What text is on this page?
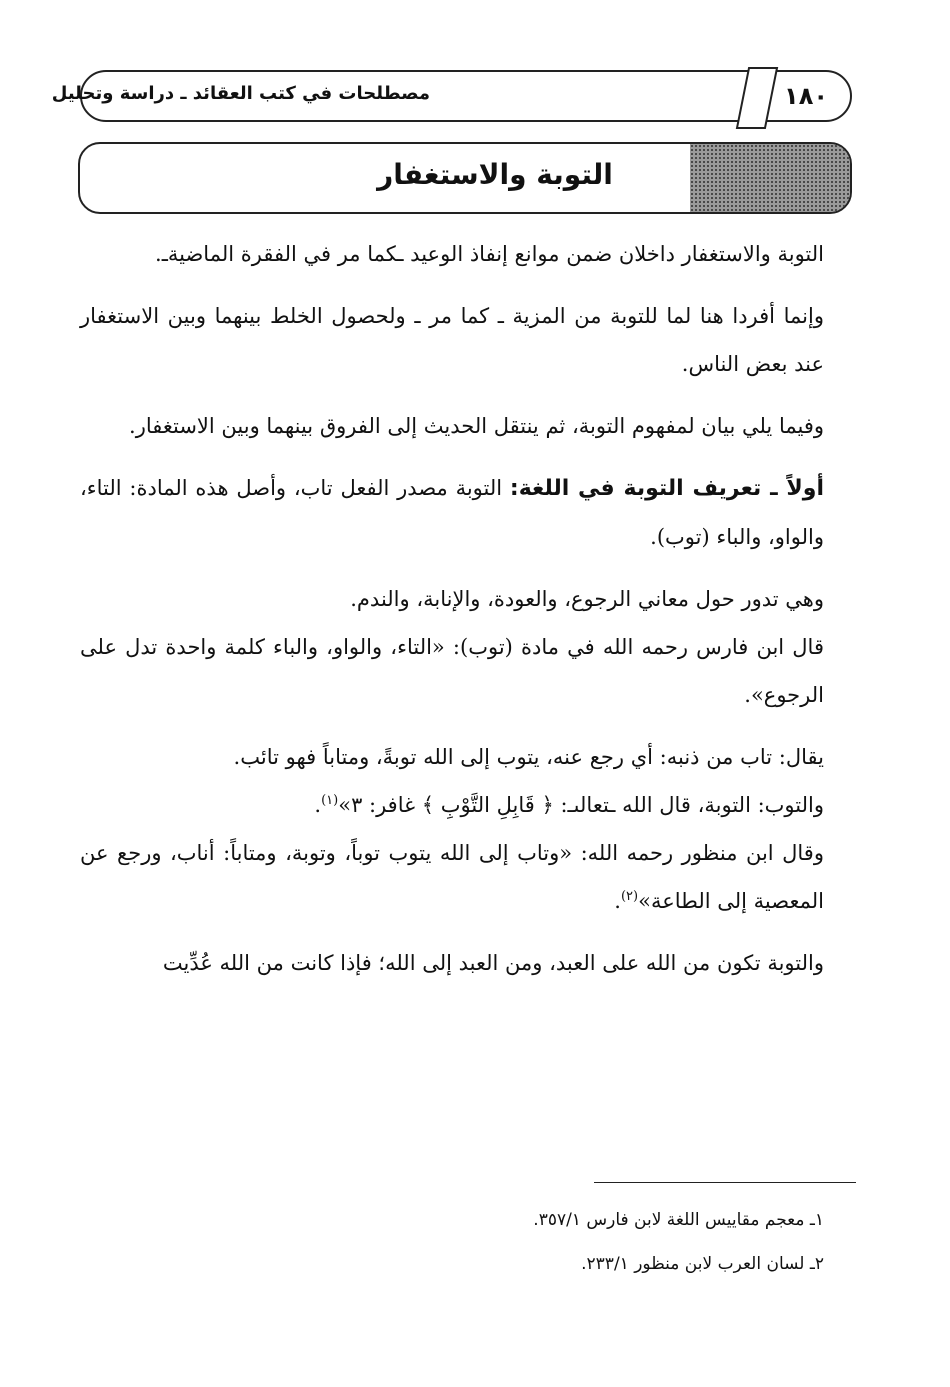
١٨٠
مصطلحات في كتب العقائد ـ دراسة وتحليل
التوبة والاستغفار

التوبة والاستغفار داخلان ضمن موانع إنفاذ الوعيد ـكما مر في الفقرة الماضيةـ.

وإنما أفردا هنا لما للتوبة من المزية ـ كما مر ـ ولحصول الخلط بينهما وبين الاستغفار عند بعض الناس.

وفيما يلي بيان لمفهوم التوبة، ثم ينتقل الحديث إلى الفروق بينهما وبين الاستغفار.

أولاً ـ تعريف التوبة في اللغة: التوبة مصدر الفعل تاب، وأصل هذه المادة: التاء، والواو، والباء (توب).

وهي تدور حول معاني الرجوع، والعودة، والإنابة، والندم.

قال ابن فارس رحمه الله في مادة (توب): «التاء، والواو، والباء كلمة واحدة تدل على الرجوع».

يقال: تاب من ذنبه: أي رجع عنه، يتوب إلى الله توبةً، ومتاباً فهو تائب.

والتوب: التوبة، قال الله ـتعالىـ: ﴿ قَابِلِ التَّوْبِ ﴾ غافر: ٣»$^{(١)}$.

وقال ابن منظور رحمه الله: «وتاب إلى الله يتوب توباً، وتوبة، ومتاباً: أناب، ورجع عن المعصية إلى الطاعة»$^{(٢)}$.

والتوبة تكون من الله على العبد، ومن العبد إلى الله؛ فإذا كانت من الله عُدِّيت

١ـ معجم مقاييس اللغة لابن فارس ٣٥٧/١.
٢ـ لسان العرب لابن منظور ٢٣٣/١.
